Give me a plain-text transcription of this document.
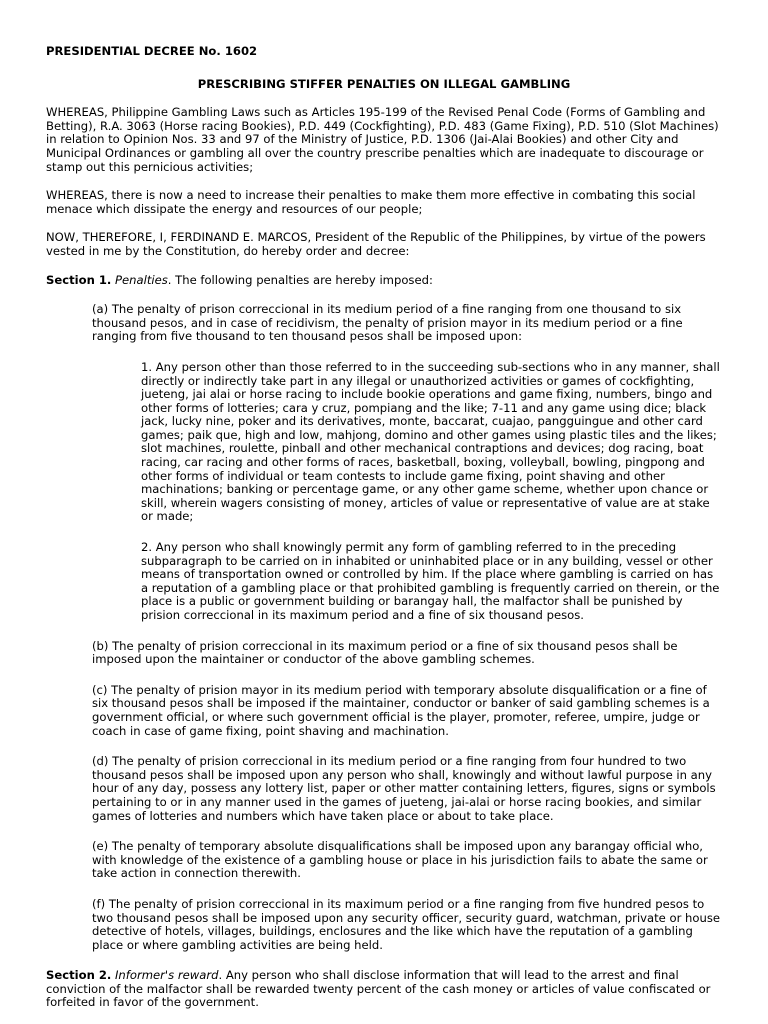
PRESIDENTIAL DECREE No. 1602

PRESCRIBING STIFFER PENALTIES ON ILLEGAL GAMBLING

WHEREAS, Philippine Gambling Laws such as Articles 195-199 of the Revised Penal Code (Forms of Gambling and Betting), R.A. 3063 (Horse racing Bookies), P.D. 449 (Cockfighting), P.D. 483 (Game Fixing), P.D. 510 (Slot Machines) in relation to Opinion Nos. 33 and 97 of the Ministry of Justice, P.D. 1306 (Jai-Alai Bookies) and other City and Municipal Ordinances or gambling all over the country prescribe penalties which are inadequate to discourage or stamp out this pernicious activities;

WHEREAS, there is now a need to increase their penalties to make them more effective in combating this social menace which dissipate the energy and resources of our people;

NOW, THEREFORE, I, FERDINAND E. MARCOS, President of the Republic of the Philippines, by virtue of the powers vested in me by the Constitution, do hereby order and decree:

Section 1. Penalties. The following penalties are hereby imposed:

(a) The penalty of prison correccional in its medium period of a fine ranging from one thousand to six thousand pesos, and in case of recidivism, the penalty of prision mayor in its medium period or a fine ranging from five thousand to ten thousand pesos shall be imposed upon:

1. Any person other than those referred to in the succeeding sub-sections who in any manner, shall directly or indirectly take part in any illegal or unauthorized activities or games of cockfighting, jueteng, jai alai or horse racing to include bookie operations and game fixing, numbers, bingo and other forms of lotteries; cara y cruz, pompiang and the like; 7-11 and any game using dice; black jack, lucky nine, poker and its derivatives, monte, baccarat, cuajao, pangguingue and other card games; paik que, high and low, mahjong, domino and other games using plastic tiles and the likes; slot machines, roulette, pinball and other mechanical contraptions and devices; dog racing, boat racing, car racing and other forms of races, basketball, boxing, volleyball, bowling, pingpong and other forms of individual or team contests to include game fixing, point shaving and other machinations; banking or percentage game, or any other game scheme, whether upon chance or skill, wherein wagers consisting of money, articles of value or representative of value are at stake or made;

2. Any person who shall knowingly permit any form of gambling referred to in the preceding subparagraph to be carried on in inhabited or uninhabited place or in any building, vessel or other means of transportation owned or controlled by him. If the place where gambling is carried on has a reputation of a gambling place or that prohibited gambling is frequently carried on therein, or the place is a public or government building or barangay hall, the malfactor shall be punished by prision correccional in its maximum period and a fine of six thousand pesos.

(b) The penalty of prision correccional in its maximum period or a fine of six thousand pesos shall be imposed upon the maintainer or conductor of the above gambling schemes.

(c) The penalty of prision mayor in its medium period with temporary absolute disqualification or a fine of six thousand pesos shall be imposed if the maintainer, conductor or banker of said gambling schemes is a government official, or where such government official is the player, promoter, referee, umpire, judge or coach in case of game fixing, point shaving and machination.

(d) The penalty of prision correccional in its medium period or a fine ranging from four hundred to two thousand pesos shall be imposed upon any person who shall, knowingly and without lawful purpose in any hour of any day, possess any lottery list, paper or other matter containing letters, figures, signs or symbols pertaining to or in any manner used in the games of jueteng, jai-alai or horse racing bookies, and similar games of lotteries and numbers which have taken place or about to take place.

(e) The penalty of temporary absolute disqualifications shall be imposed upon any barangay official who, with knowledge of the existence of a gambling house or place in his jurisdiction fails to abate the same or take action in connection therewith.

(f) The penalty of prision correccional in its maximum period or a fine ranging from five hundred pesos to two thousand pesos shall be imposed upon any security officer, security guard, watchman, private or house detective of hotels, villages, buildings, enclosures and the like which have the reputation of a gambling place or where gambling activities are being held.

Section 2. Informer's reward. Any person who shall disclose information that will lead to the arrest and final conviction of the malfactor shall be rewarded twenty percent of the cash money or articles of value confiscated or forfeited in favor of the government.
